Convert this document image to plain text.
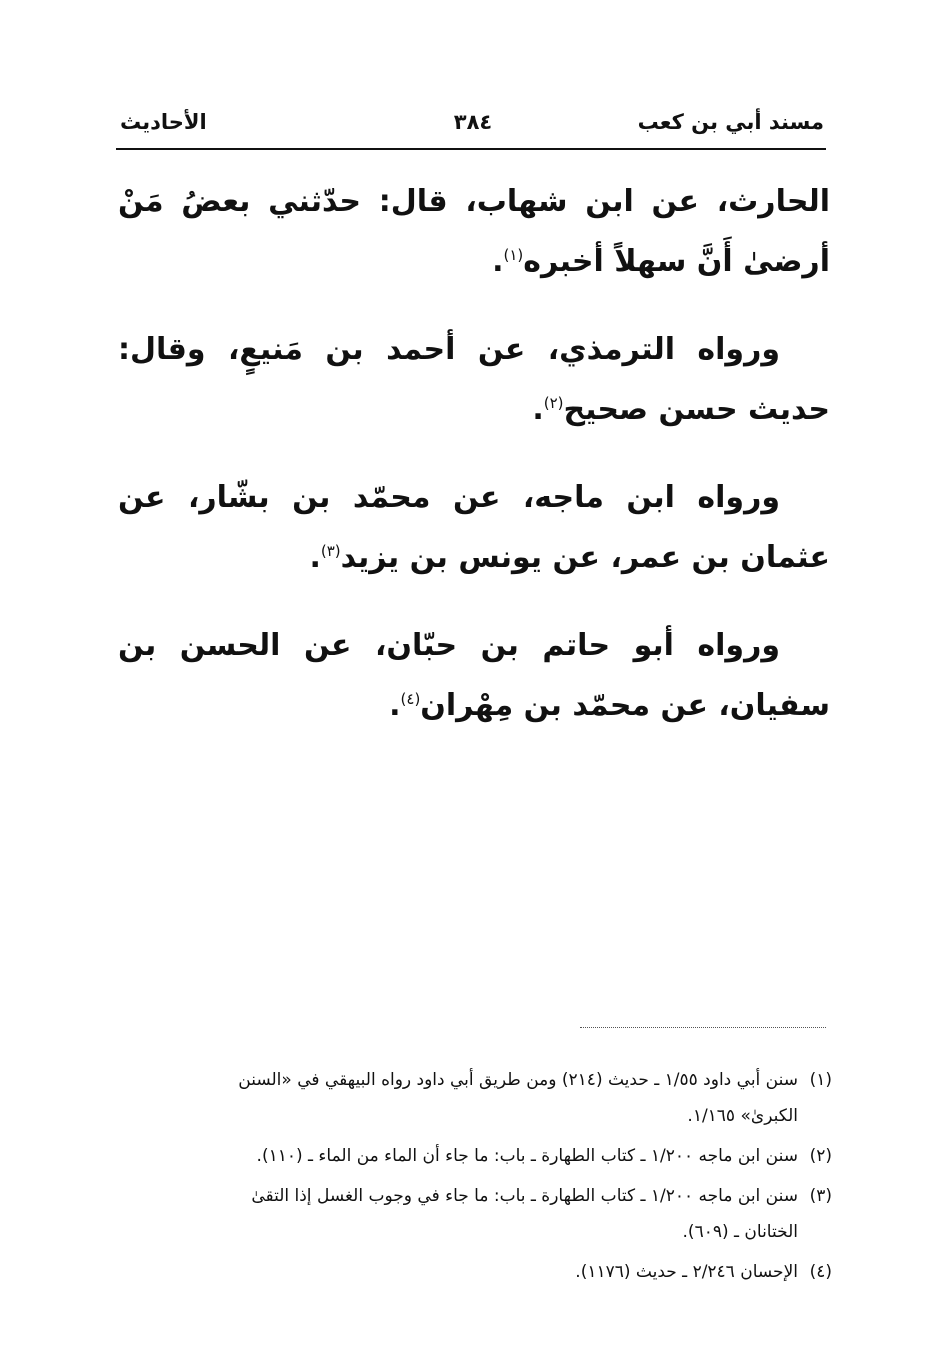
مسند أبي بن كعب
٣٨٤
الأحاديث

الحارث، عن ابن شهاب، قال: حدّثني بعضُ مَنْ أرضىٰ أَنَّ سهلاً أخبره$^{(١)}$.

ورواه الترمذي، عن أحمد بن مَنيعٍ، وقال: حديث حسن صحيح$^{(٢)}$.

ورواه ابن ماجه، عن محمّد بن بشّار، عن عثمان بن عمر، عن يونس بن يزيد$^{(٣)}$.

ورواه أبو حاتم بن حبّان، عن الحسن بن سفيان، عن محمّد بن مِهْران$^{(٤)}$.

(١)سنن أبي داود ١/٥٥ ـ حديث (٢١٤) ومن طريق أبي داود رواه البيهقي في «السنن
الكبرىٰ» ١/١٦٥.

(٢)سنن ابن ماجه ١/٢٠٠ ـ كتاب الطهارة ـ باب: ما جاء أن الماء من الماء ـ (١١٠).

(٣)سنن ابن ماجه ١/٢٠٠ ـ كتاب الطهارة ـ باب: ما جاء في وجوب الغسل إذا التقىٰ
الختانان ـ (٦٠٩).

(٤)الإحسان ٢/٢٤٦ ـ حديث (١١٧٦).
